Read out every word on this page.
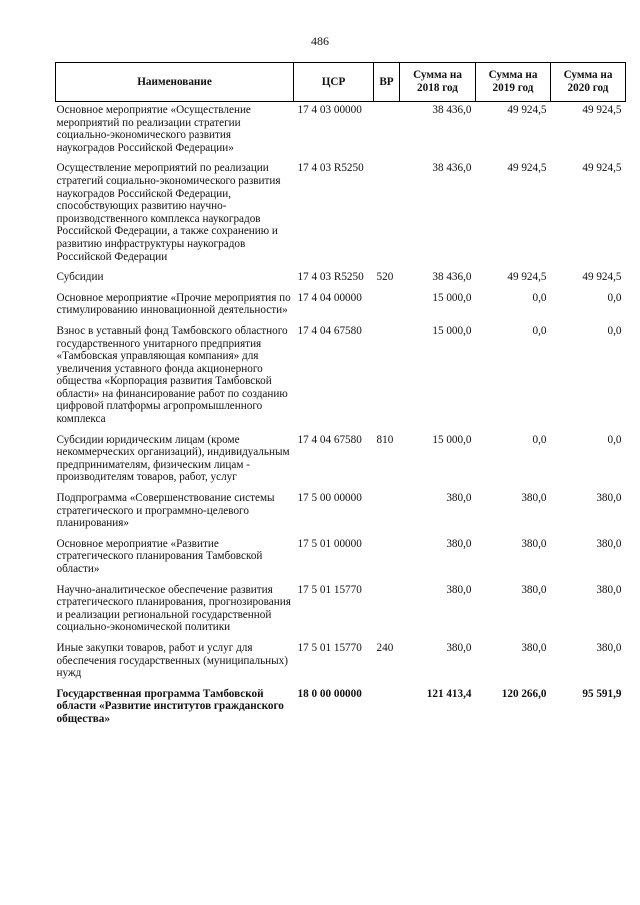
486
Наименование	ЦСР	ВР	Сумма на 2018 год	Сумма на 2019 год	Сумма на 2020 год
Основное мероприятие «Осуществление мероприятий по реализации стратегии социально-экономического развития наукоградов Российской Федерации»	17 4 03 00000		38 436,0	49 924,5	49 924,5
Осуществление мероприятий по реализации стратегий социально-экономического развития наукоградов Российской Федерации, способствующих развитию научно-производственного комплекса наукоградов Российской Федерации, а также сохранению и развитию инфраструктуры наукоградов Российской Федерации	17 4 03 R5250		38 436,0	49 924,5	49 924,5
Субсидии	17 4 03 R5250	520	38 436,0	49 924,5	49 924,5
Основное мероприятие «Прочие мероприятия по стимулированию инновационной деятельности»	17 4 04 00000		15 000,0	0,0	0,0
Взнос в уставный фонд Тамбовского областного государственного унитарного предприятия «Тамбовская управляющая компания» для увеличения уставного фонда акционерного общества «Корпорация развития Тамбовской области» на финансирование работ по созданию цифровой платформы агропромышленного комплекса	17 4 04 67580		15 000,0	0,0	0,0
Субсидии юридическим лицам (кроме некоммерческих организаций), индивидуальным предпринимателям, физическим лицам - производителям товаров, работ, услуг	17 4 04 67580	810	15 000,0	0,0	0,0
Подпрограмма «Совершенствование системы стратегического и программно-целевого планирования»	17 5 00 00000		380,0	380,0	380,0
Основное мероприятие «Развитие стратегического планирования Тамбовской области»	17 5 01 00000		380,0	380,0	380,0
Научно-аналитическое обеспечение развития стратегического планирования, прогнозирования и реализации региональной государственной социально-экономической политики	17 5 01 15770		380,0	380,0	380,0
Иные закупки товаров, работ и услуг для обеспечения государственных (муниципальных) нужд	17 5 01 15770	240	380,0	380,0	380,0
Государственная программа Тамбовской области «Развитие институтов гражданского общества»	18 0 00 00000		121 413,4	120 266,0	95 591,9
